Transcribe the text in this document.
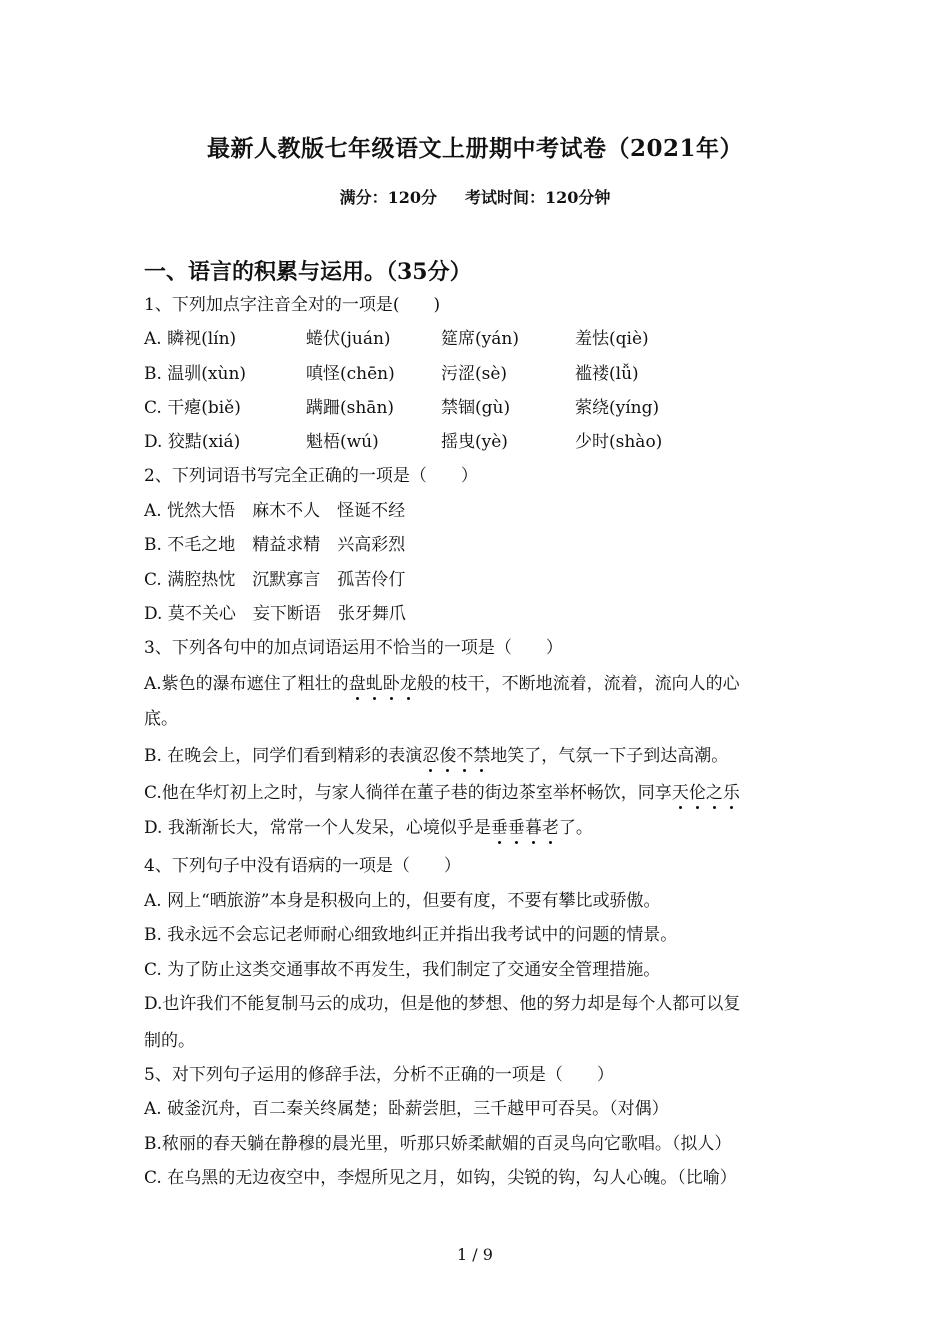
最新人教版七年级语文上册期中考试卷（2021年）
满分：120分 考试时间：120分钟
一、语言的积累与运用。（35分）
1、下列加点字注音全对的一项是(　　)
A. 瞵视(lín)	蜷伏(juán)	筵席(yán)	羞怯(qiè)
B. 温驯(xùn)	嗔怪(chēn)	污涩(sè)	褴褛(lǚ)
C. 干瘪(biě)	蹒跚(shān)	禁锢(gù)	萦绕(yíng)
D. 狡黠(xiá)	魁梧(wú)	摇曳(yè)	少时(shào)
2、下列词语书写完全正确的一项是（　　）
A. 恍然大悟　麻木不人　怪诞不经
B. 不毛之地　精益求精　兴高彩烈
C. 满腔热忱　沉默寡言　孤苦伶仃
D. 莫不关心　妄下断语　张牙舞爪
3、下列各句中的加点词语运用不恰当的一项是（　　）
A.紫色的瀑布遮住了粗壮的盘虬卧龙般的枝干，不断地流着，流着，流向人的心
底。
B. 在晚会上，同学们看到精彩的表演忍俊不禁地笑了，气氛一下子到达高潮。
C.他在华灯初上之时，与家人徜徉在董子巷的街边茶室举杯畅饮，同享天伦之乐
D. 我渐渐长大，常常一个人发呆，心境似乎是垂垂暮老了。
4、下列句子中没有语病的一项是（　　）
A. 网上“晒旅游”本身是积极向上的，但要有度，不要有攀比或骄傲。
B. 我永远不会忘记老师耐心细致地纠正并指出我考试中的问题的情景。
C. 为了防止这类交通事故不再发生，我们制定了交通安全管理措施。
D.也许我们不能复制马云的成功，但是他的梦想、他的努力却是每个人都可以复
制的。
5、对下列句子运用的修辞手法，分析不正确的一项是（　　）
A. 破釜沉舟，百二秦关终属楚；卧薪尝胆，三千越甲可吞吴。（对偶）
B.秾丽的春天躺在静穆的晨光里，听那只娇柔献媚的百灵鸟向它歌唱。（拟人）
C. 在乌黑的无边夜空中，李煜所见之月，如钩，尖锐的钩，勾人心魄。（比喻）
1 / 9
